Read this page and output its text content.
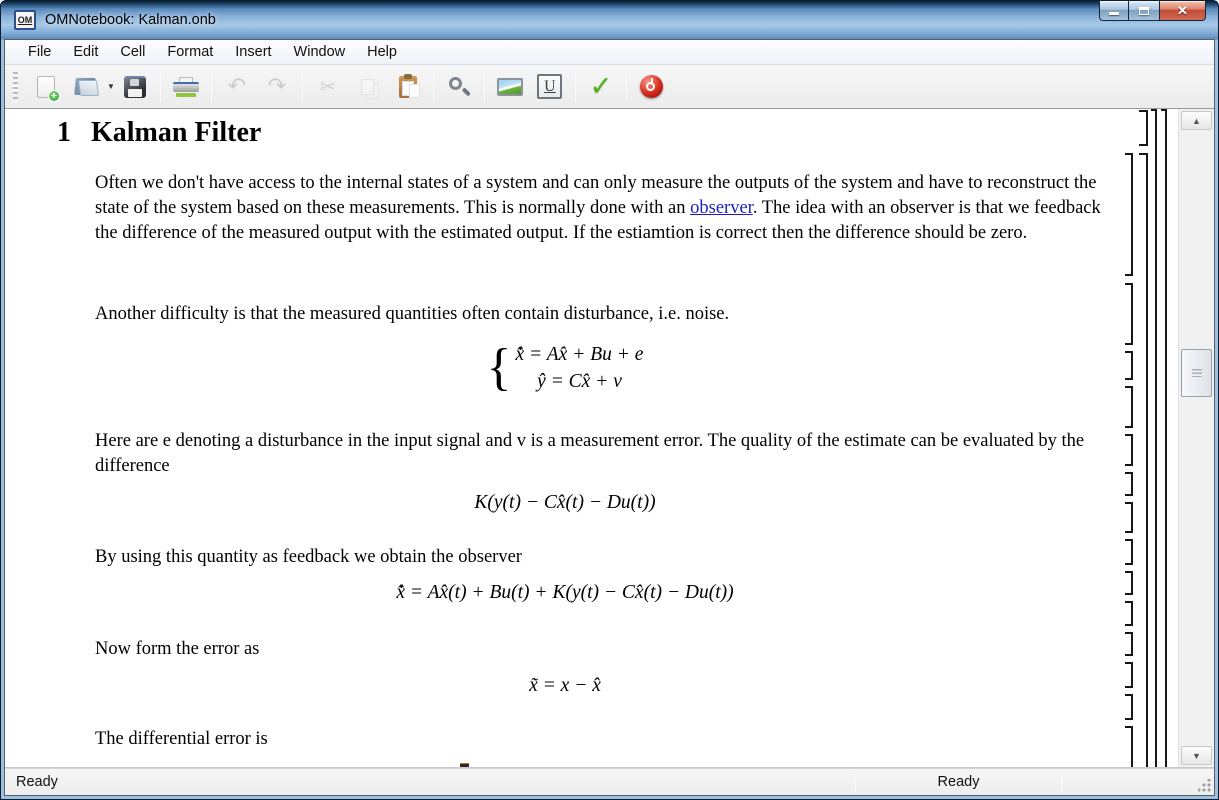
OM OMNotebook: Kalman.onb
✕
File	Edit	Cell	Format	Insert	Window	Help
+
▼	↶ ↷ ✂	U ✓
1 Kalman Filter
Often we don't have access to the internal states of a system and can only measure the outputs of the system and have to reconstruct the state of the system based on these measurements. This is normally done with an observer. The idea with an observer is that we feedback the difference of the measured output with the estimated output. If the estiamtion is correct then the difference should be zero.
Another difficulty is that the measured quantities often contain disturbance, i.e. noise.
{ x̂̇ = Ax̂ + Bu + e
ŷ = Cx̂ + v
Here are e denoting a disturbance in the input signal and v is a measurement error. The quality of the estimate can be evaluated by the difference
K(y(t) − Cx̂(t) − Du(t))
By using this quantity as feedback we obtain the observer
x̂̇ = Ax̂(t) + Bu(t) + K(y(t) − Cx̂(t) − Du(t))
Now form the error as
x̃ = x − x̂
The differential error is
▲
▼
Ready	Ready
